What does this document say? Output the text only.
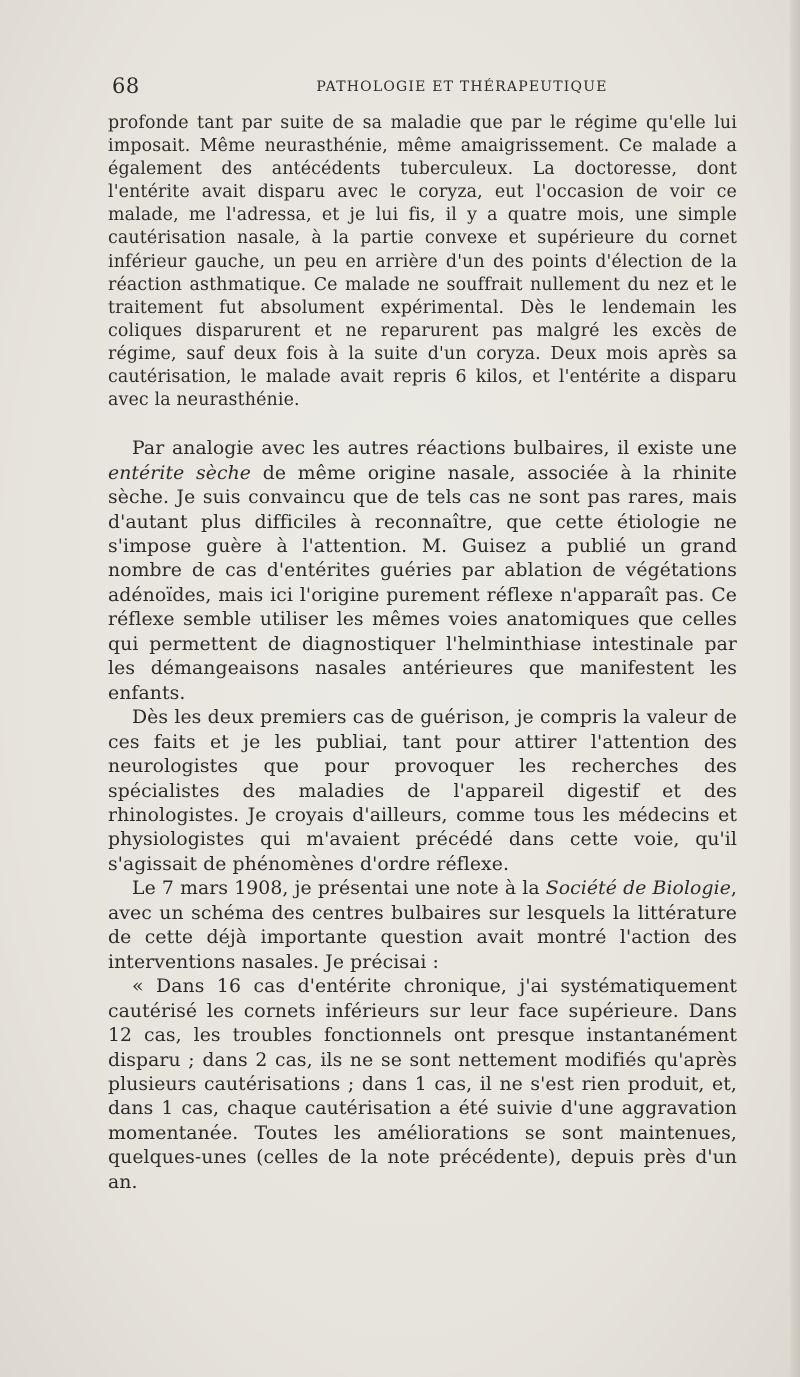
68	PATHOLOGIE ET THÉRAPEUTIQUE

profonde tant par suite de sa maladie que par le régime qu'elle lui imposait. Même neurasthénie, même amaigrissement. Ce malade a également des antécédents tuberculeux. La doctoresse, dont l'entérite avait disparu avec le coryza, eut l'occasion de voir ce malade, me l'adressa, et je lui fis, il y a quatre mois, une simple cautérisation nasale, à la partie convexe et supérieure du cornet inférieur gauche, un peu en arrière d'un des points d'élection de la réaction asthmatique. Ce malade ne souffrait nullement du nez et le traitement fut absolument expérimental. Dès le lendemain les coliques disparurent et ne reparurent pas malgré les excès de régime, sauf deux fois à la suite d'un coryza. Deux mois après sa cautérisation, le malade avait repris 6 kilos, et l'entérite a disparu avec la neurasthénie.

Par analogie avec les autres réactions bulbaires, il existe une entérite sèche de même origine nasale, associée à la rhinite sèche. Je suis convaincu que de tels cas ne sont pas rares, mais d'autant plus difficiles à reconnaître, que cette étiologie ne s'impose guère à l'attention. M. Guisez a publié un grand nombre de cas d'entérites guéries par ablation de végétations adénoïdes, mais ici l'origine purement réflexe n'apparaît pas. Ce réflexe semble utiliser les mêmes voies anatomiques que celles qui permettent de diagnostiquer l'helminthiase intestinale par les démangeaisons nasales antérieures que manifestent les enfants.

Dès les deux premiers cas de guérison, je compris la valeur de ces faits et je les publiai, tant pour attirer l'attention des neurologistes que pour provoquer les recherches des spécialistes des maladies de l'appareil digestif et des rhinologistes. Je croyais d'ailleurs, comme tous les médecins et physiologistes qui m'avaient précédé dans cette voie, qu'il s'agissait de phénomènes d'ordre réflexe.

Le 7 mars 1908, je présentai une note à la Société de Biologie, avec un schéma des centres bulbaires sur lesquels la littérature de cette déjà importante question avait montré l'action des interventions nasales. Je précisai :

« Dans 16 cas d'entérite chronique, j'ai systématiquement cautérisé les cornets inférieurs sur leur face supérieure. Dans 12 cas, les troubles fonctionnels ont presque instantanément disparu ; dans 2 cas, ils ne se sont nettement modifiés qu'après plusieurs cautérisations ; dans 1 cas, il ne s'est rien produit, et, dans 1 cas, chaque cautérisation a été suivie d'une aggravation momentanée. Toutes les améliorations se sont maintenues, quelques-unes (celles de la note précédente), depuis près d'un an.
